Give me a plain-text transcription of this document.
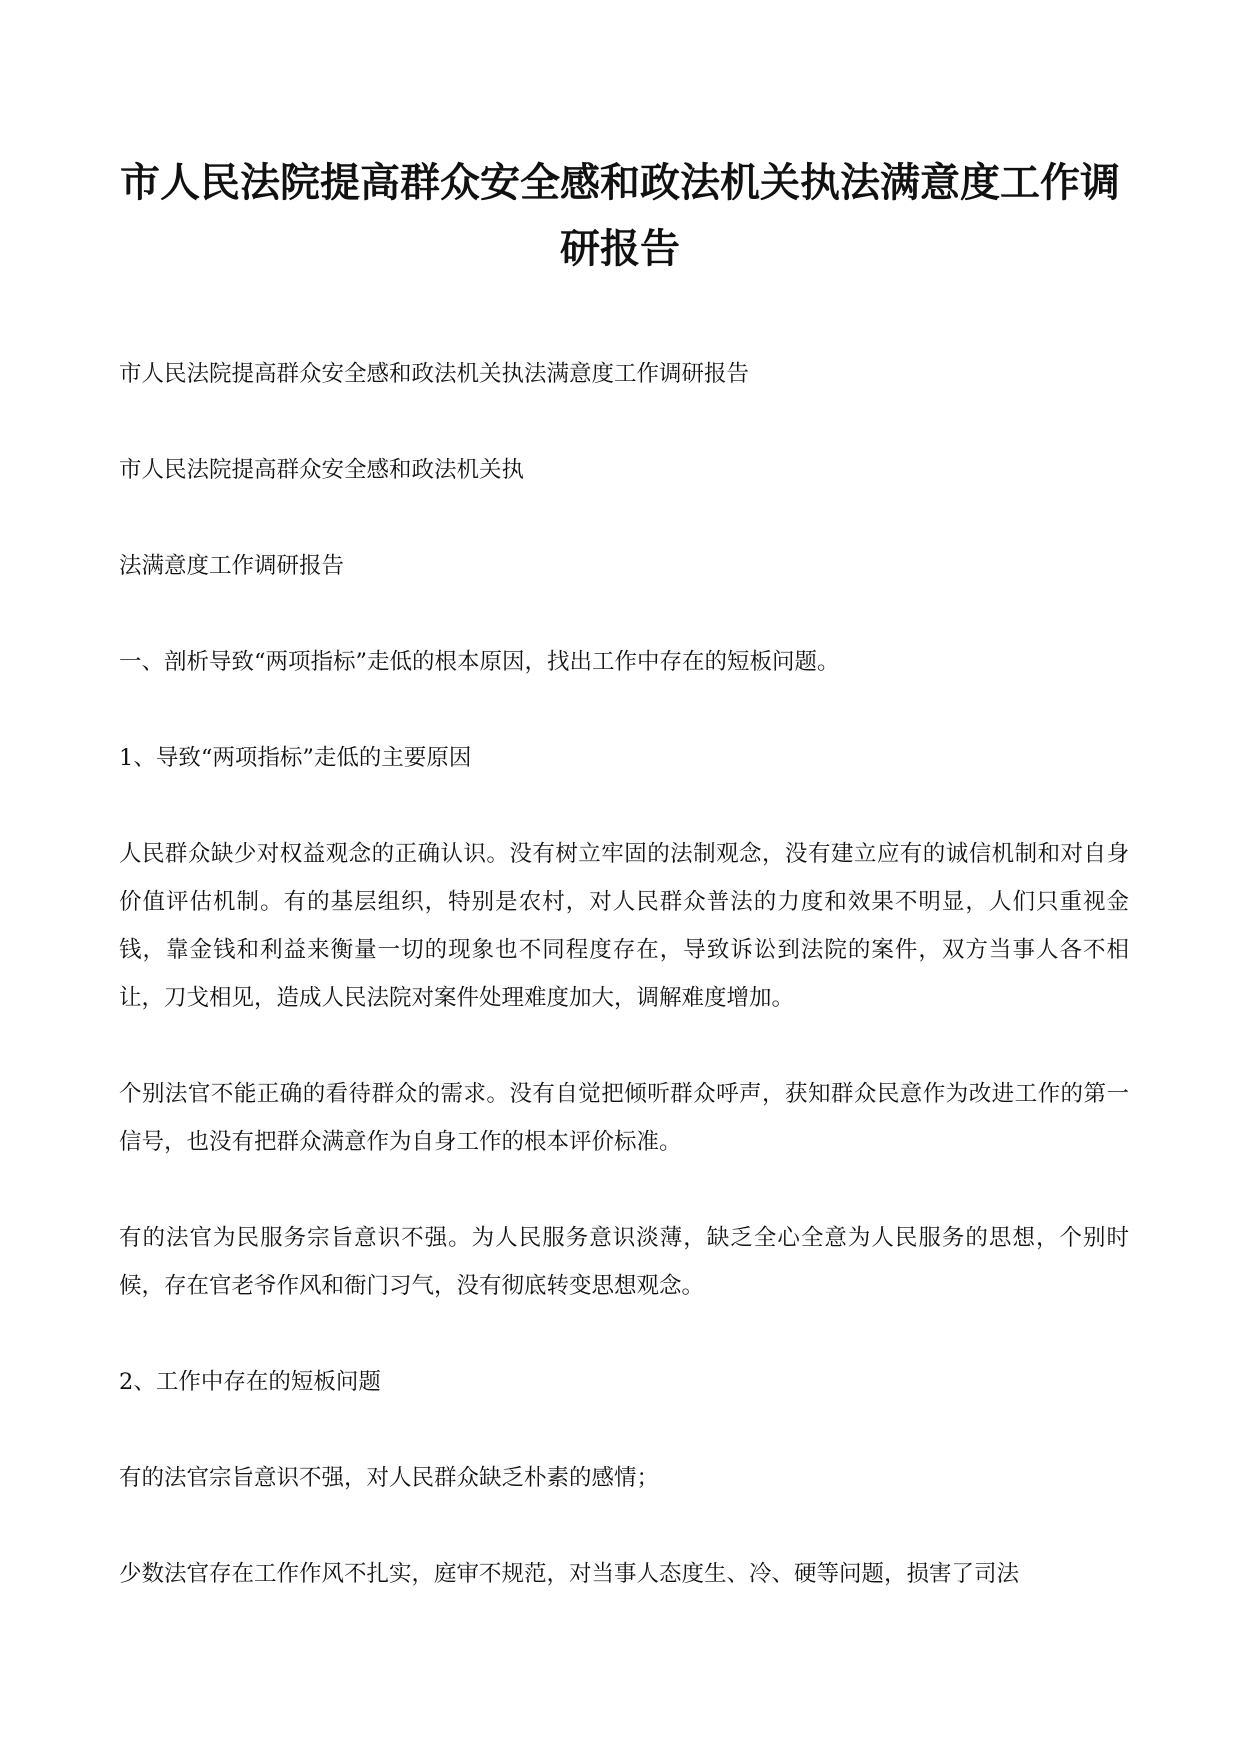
市人民法院提高群众安全感和政法机关执法满意度工作调研报告

市人民法院提高群众安全感和政法机关执法满意度工作调研报告

市人民法院提高群众安全感和政法机关执

法满意度工作调研报告

一、剖析导致“两项指标”走低的根本原因，找出工作中存在的短板问题。

1、导致“两项指标”走低的主要原因

人民群众缺少对权益观念的正确认识。没有树立牢固的法制观念，没有建立应有的诚信机制和对自身价值评估机制。有的基层组织，特别是农村，对人民群众普法的力度和效果不明显，人们只重视金钱，靠金钱和利益来衡量一切的现象也不同程度存在，导致诉讼到法院的案件，双方当事人各不相让，刀戈相见，造成人民法院对案件处理难度加大，调解难度增加。

个别法官不能正确的看待群众的需求。没有自觉把倾听群众呼声，获知群众民意作为改进工作的第一信号，也没有把群众满意作为自身工作的根本评价标准。

有的法官为民服务宗旨意识不强。为人民服务意识淡薄，缺乏全心全意为人民服务的思想，个别时候，存在官老爷作风和衙门习气，没有彻底转变思想观念。

2、工作中存在的短板问题

有的法官宗旨意识不强，对人民群众缺乏朴素的感情；

少数法官存在工作作风不扎实，庭审不规范，对当事人态度生、冷、硬等问题，损害了司法
